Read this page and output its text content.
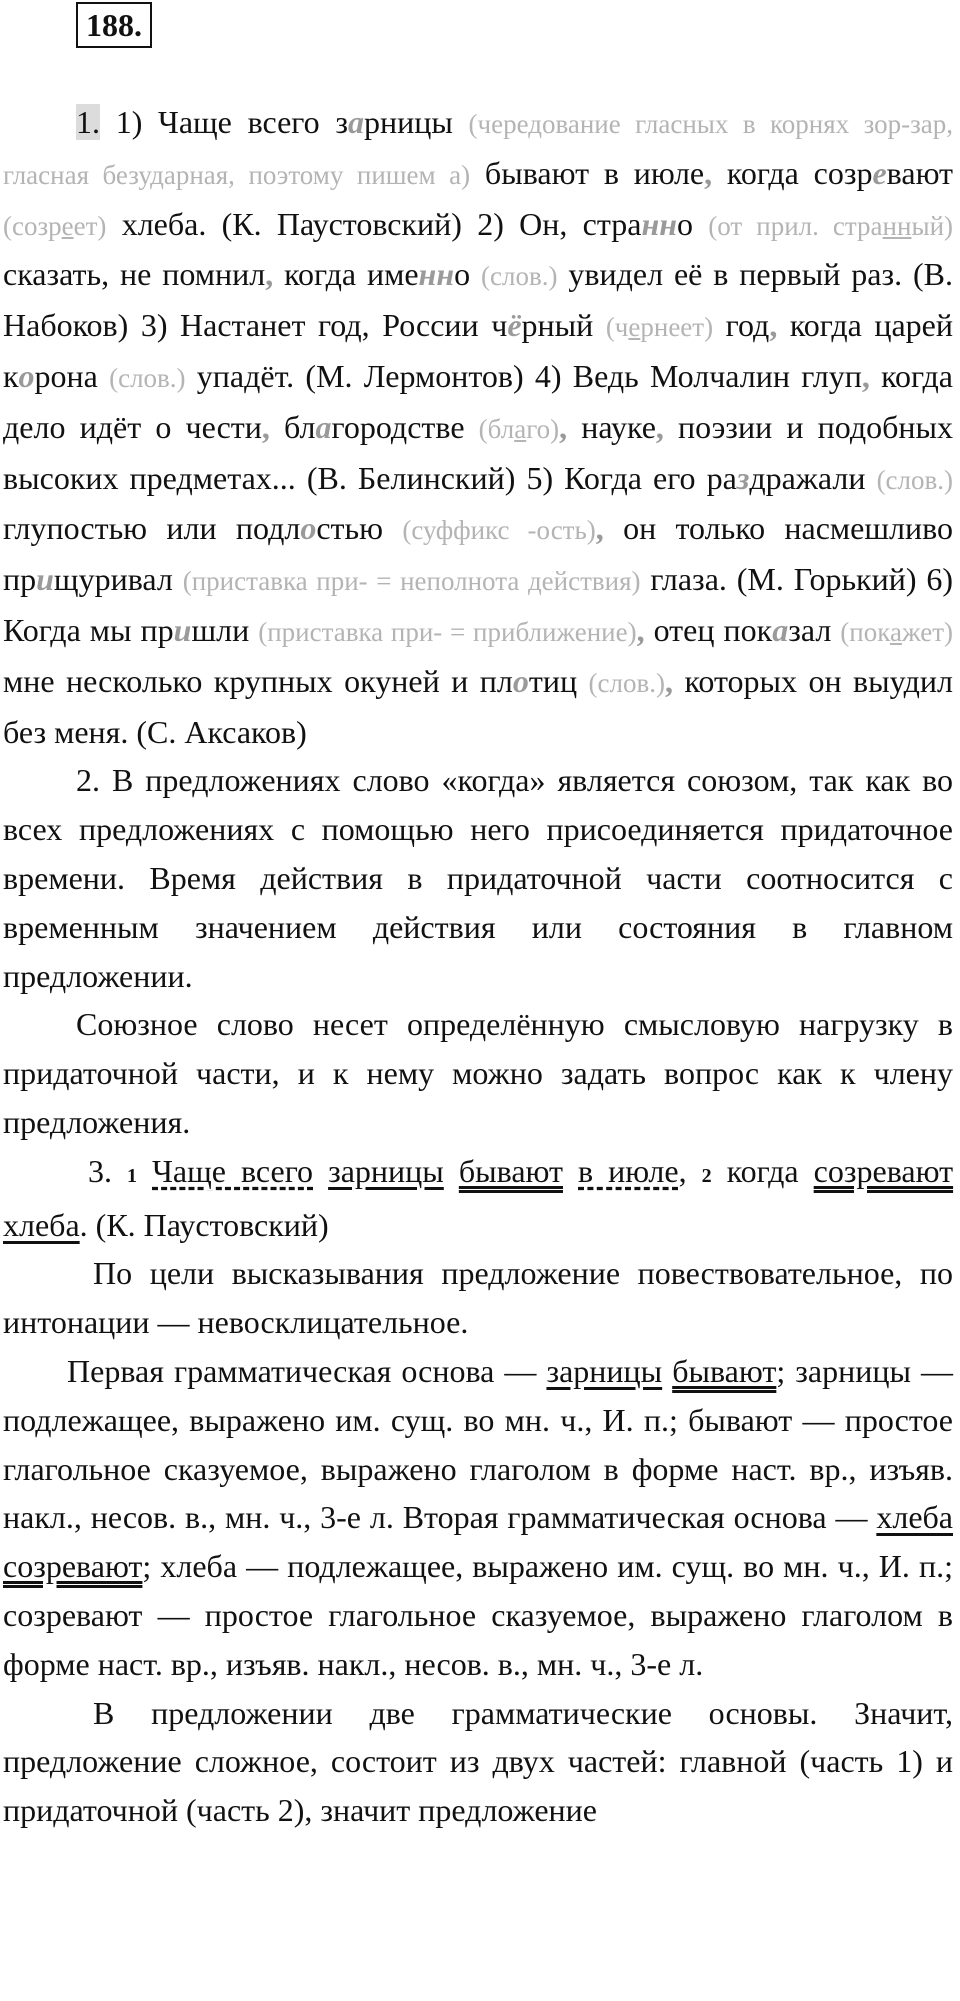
188.

1. 1) Чаще всего зарницы (чередование гласных в корнях зор-зар, гласная безударная, поэтому пишем а) бывают в июле, когда созревают (созреет) хлеба. (К. Паустовский) 2) Он, странно (от прил. странный) сказать, не помнил, когда именно (слов.) увидел её в первый раз. (В. Набоков) 3) Настанет год, России чёрный (чернеет) год, когда царей корона (слов.) упадёт. (М. Лермонтов) 4) Ведь Молчалин глуп, когда дело идёт о чести, благородстве (благо), науке, поэзии и подобных высоких предметах... (В. Белинский) 5) Когда его раздражали (слов.) глупостью или подлостью (суффикс -ость), он только насмешливо прищуривал (приставка при- = неполнота действия) глаза. (М. Горький) 6) Когда мы пришли (приставка при- = приближение), отец показал (покажет) мне несколько крупных окуней и плотиц (слов.), которых он выудил без меня. (С. Аксаков)

2. В предложениях слово «когда» является союзом, так как во всех предложениях с помощью него присоединяется придаточное времени. Время действия в придаточной части соотносится с временным значением действия или состояния в главном предложении.

Союзное слово несет определённую смысловую нагрузку в придаточной части, и к нему можно задать вопрос как к члену предложения.

3. 1 Чаще всего зарницы бывают в июле, 2 когда созревают хлеба. (К. Паустовский)

По цели высказывания предложение повествовательное, по интонации — невосклицательное.

Первая грамматическая основа — зарницы бывают; зарницы — подлежащее, выражено им. сущ. во мн. ч., И. п.; бывают — простое глагольное сказуемое, выражено глаголом в форме наст. вр., изъяв. накл., несов. в., мн. ч., 3-е л. Вторая грамматическая основа — хлеба созревают; хлеба — подлежащее, выражено им. сущ. во мн. ч., И. п.; созревают — простое глагольное сказуемое, выражено глаголом в форме наст. вр., изъяв. накл., несов. в., мн. ч., 3-е л.

В предложении две грамматические основы. Значит, предложение сложное, состоит из двух частей: главной (часть 1) и придаточной (часть 2), значит предложение
